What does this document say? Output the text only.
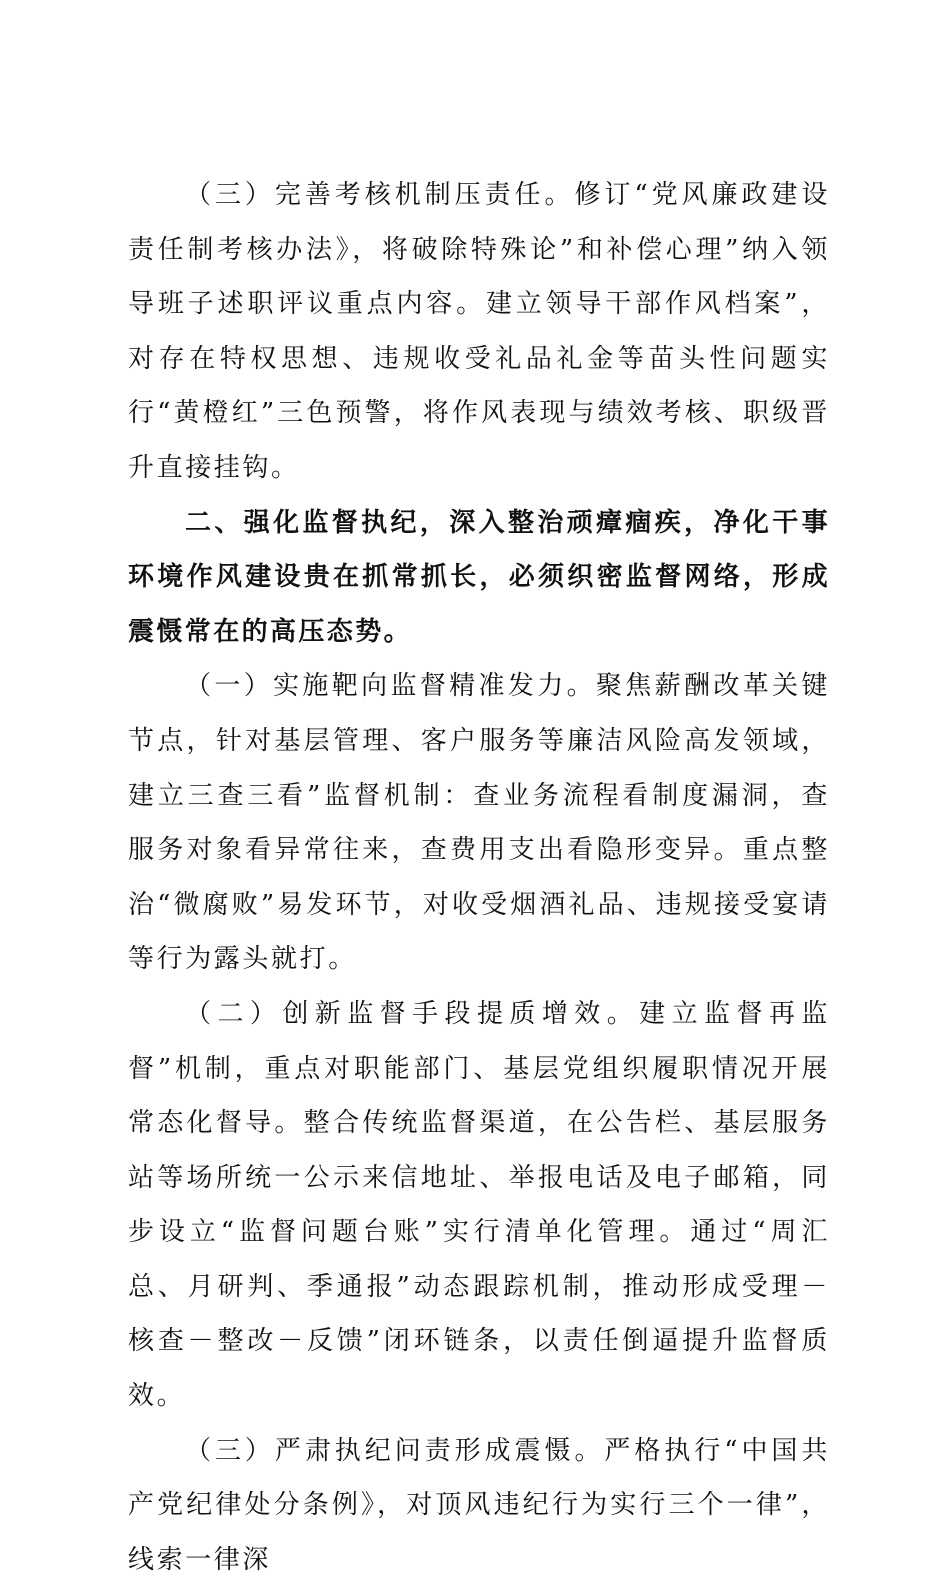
（三）完善考核机制压责任。修订“党风廉政建设责任制考核办法》，将破除特殊论”和补偿心理”纳入领导班子述职评议重点内容。建立领导干部作风档案”，对存在特权思想、违规收受礼品礼金等苗头性问题实行“黄橙红”三色预警，将作风表现与绩效考核、职级晋升直接挂钩。

二、强化监督执纪，深入整治顽瘴痼疾，净化干事环境作风建设贵在抓常抓长，必须织密监督网络，形成震慑常在的高压态势。

（一）实施靶向监督精准发力。聚焦薪酬改革关键节点，针对基层管理、客户服务等廉洁风险高发领域，建立三查三看”监督机制：查业务流程看制度漏洞，查服务对象看异常往来，查费用支出看隐形变异。重点整治“微腐败”易发环节，对收受烟酒礼品、违规接受宴请等行为露头就打。

（二）创新监督手段提质增效。建立监督再监督”机制，重点对职能部门、基层党组织履职情况开展常态化督导。整合传统监督渠道，在公告栏、基层服务站等场所统一公示来信地址、举报电话及电子邮箱，同步设立“监督问题台账”实行清单化管理。通过“周汇总、月研判、季通报”动态跟踪机制，推动形成受理－核查－整改－反馈”闭环链条，以责任倒逼提升监督质效。

（三）严肃执纪问责形成震慑。严格执行“中国共产党纪律处分条例》，对顶风违纪行为实行三个一律”，线索一律深
